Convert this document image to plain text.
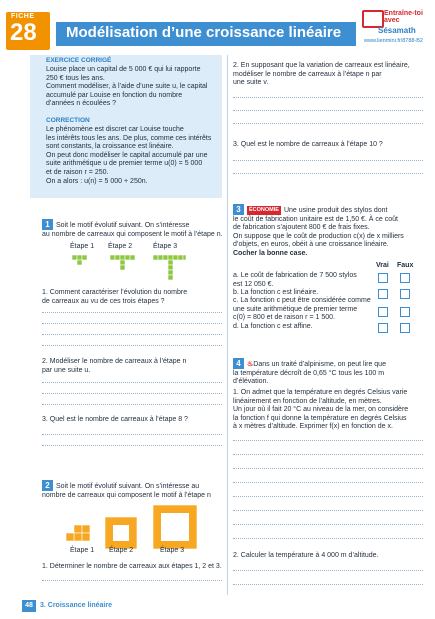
FICHE
28 Modélisation d’une croissance linéaire
Entraîne-toi
avec
Sésamath
www.lienmini.fr/8788-B2
EXERCICE CORRIGÉ
Louise place un capital de 5 000 € qui lui rapporte
250 € tous les ans.
Comment modéliser, à l’aide d’une suite u, le capital
accumulé par Louise en fonction du nombre
d’années n écoulées ?
CORRECTION
Le phénomène est discret car Louise touche
les intérêts tous les ans. De plus, comme ces intérêts
sont constants, la croissance est linéaire.
On peut donc modéliser le capital accumulé par une
suite arithmétique u de premier terme u(0) = 5 000
et de raison r = 250.
On a alors : u(n) = 5 000 + 250n.
1 Soit le motif évolutif suivant. On s’intéresse
au nombre de carreaux qui composent le motif à l’étape n.
Étape 1 Étape 2	Étape 3
1. Comment caractériser l’évolution du nombre
de carreaux au vu de ces trois étapes ?
2. Modéliser le nombre de carreaux à l’étape n
par une suite u.
3. Quel est le nombre de carreaux à l’étape 8 ?
2 Soit le motif évolutif suivant. On s’intéresse au
nombre de carreaux qui composent le motif à l’étape n
Étape 1 Étape 2	Étape 3
1. Déterminer le nombre de carreaux aux étapes 1, 2 et 3.
2. En supposant que la variation de carreaux est linéaire,
modéliser le nombre de carreaux à l’étape n par
une suite v.
3. Quel est le nombre de carreaux à l’étape 10 ?
3 ÉCONOMIE Une usine produit des stylos dont
le coût de fabrication unitaire est de 1,50 €. À ce coût
de fabrication s’ajoutent 800 € de frais fixes.
On suppose que le coût de production c(x) de x milliers
d’objets, en euros, obéit à une croissance linéaire.
Cocher la bonne case.
Vrai Faux
a. Le coût de fabrication de 7 500 stylos
est 12 050 €.
b. La fonction c est linéaire.
c. La fonction c peut être considérée comme
une suite arithmétique de premier terme
c(0) = 800 et de raison r = 1 500.
d. La fonction c est affine.
4 ♨Dans un traité d’alpinisme, on peut lire que
la température décroît de 0,65 °C tous les 100 m
d’élévation.
1. On admet que la température en degrés Celsius varie
linéairement en fonction de l’altitude, en mètres.
Un jour où il fait 20 °C au niveau de la mer, on considère
la fonction f qui donne la température en degrés Celsius
à x mètres d’altitude. Exprimer f(x) en fonction de x.
2. Calculer la température à 4 000 m d’altitude.
48	3. Croissance linéaire
